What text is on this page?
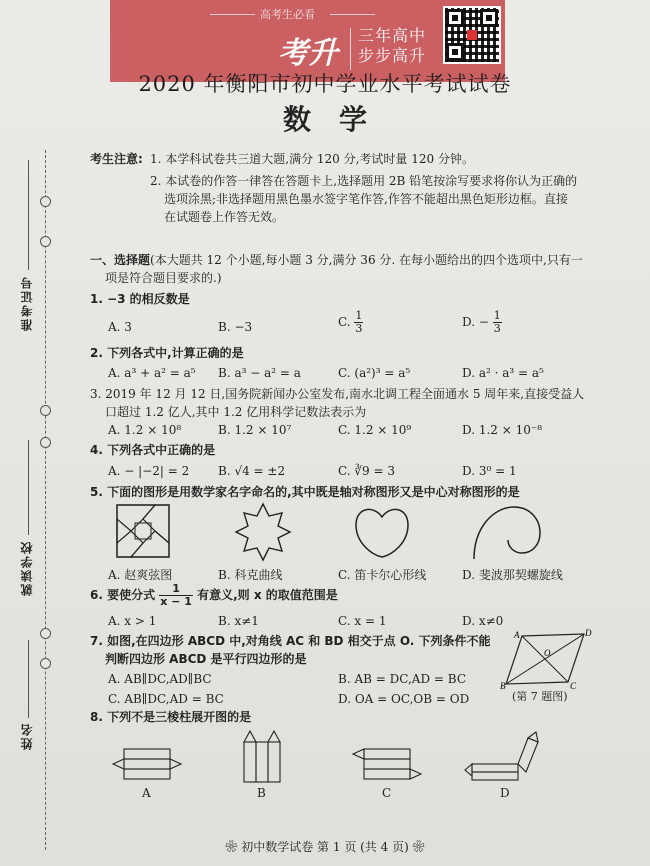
高考生必看
考升
三年高中
步步高升
2020 年衡阳市初中学业水平考试试卷
数学
考生注意: 1. 本学科试卷共三道大题,满分 120 分,考试时量 120 分钟。
2. 本试卷的作答一律答在答题卡上,选择题用 2B 铅笔按涂写要求将你认为正确的
选项涂黑;非选择题用黑色墨水签字笔作答,作答不能超出黑色矩形边框。直接
在试题卷上作答无效。
准考证号
就读学校
姓名
一、选择题(本大题共 12 个小题,每小题 3 分,满分 36 分. 在每小题给出的四个选项中,只有一
项是符合题目要求的.)
1. −3 的相反数是
A. 3	B. −3	C. $\frac{1}{3}$	D. − $\frac{1}{3}$
2. 下列各式中,计算正确的是
A. a³ + a² = a⁵ B. a³ − a² = a	C. (a²)³ = a⁵	D. a² · a³ = a⁵
3. 2019 年 12 月 12 日,国务院新闻办公室发布,南水北调工程全面通水 5 周年来,直接受益人
口超过 1.2 亿人,其中 1.2 亿用科学记数法表示为
A. 1.2 × 10⁸	B. 1.2 × 10⁷	C. 1.2 × 10⁹	D. 1.2 × 10⁻⁸
4. 下列各式中正确的是
A. − |−2| = 2 B. √4 = ±2	C. ∛9 = 3	D. 3⁰ = 1
5. 下面的图形是用数学家名字命名的,其中既是轴对称图形又是中心对称图形的是
A. 赵爽弦图	B. 科克曲线	C. 笛卡尔心形线	D. 斐波那契螺旋线
6. 要使分式 $\frac{1}{x - 1}$ 有意义,则 x 的取值范围是
A. x > 1	B. x≠1	C. x = 1	D. x≠0
7. 如图,在四边形 ABCD 中,对角线 AC 和 BD 相交于点 O. 下列条件不能
判断四边形 ABCD 是平行四边形的是
A. AB∥DC,AD∥BC	B. AB = DC,AD = BC
C. AB∥DC,AD = BC	D. OA = OC,OB = OD
A	D
B	C
O
(第 7 题图)
8. 下列不是三棱柱展开图的是
A	B	C	D
❀ 初中数学试卷 第 1 页 (共 4 页) ❀
